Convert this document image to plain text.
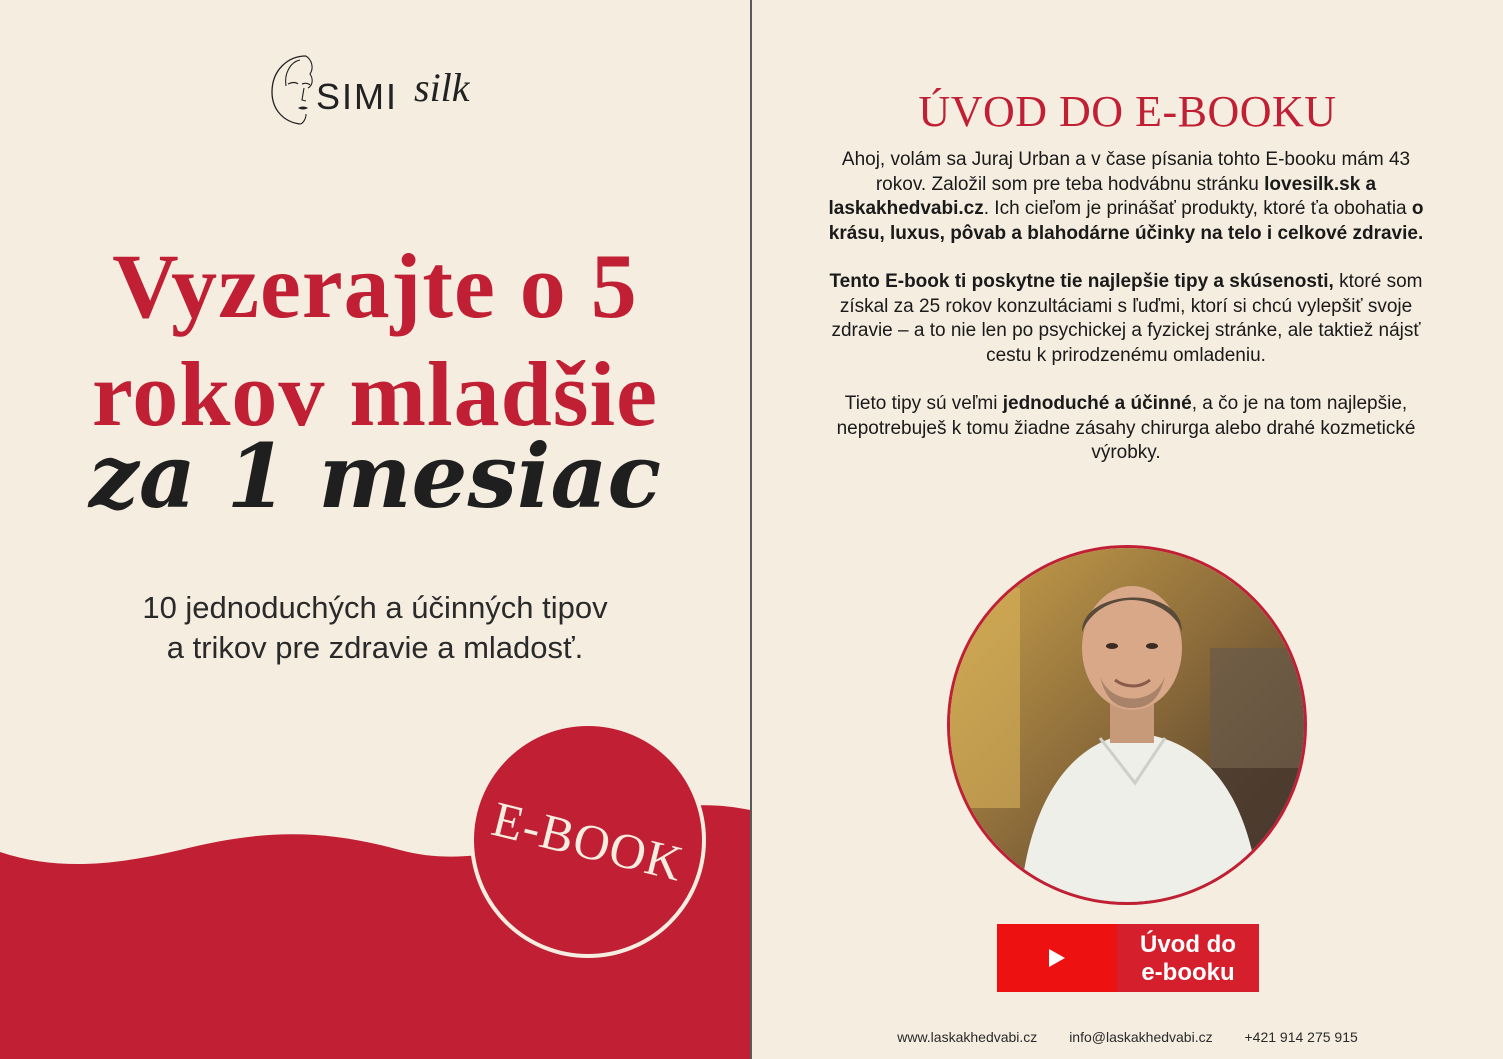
SIMI silk
Vyzerajte o 5
rokov mladšie
za 1 mesiac
10 jednoduchých a účinných tipov
a trikov pre zdravie a mladosť.
E-BOOK
ÚVOD DO E-BOOKU

Ahoj, volám sa Juraj Urban a v čase písania tohto E-booku mám 43 rokov. Založil som pre teba hodvábnu stránku lovesilk.sk a laskakhedvabi.cz. Ich cieľom je prinášať produkty, ktoré ťa obohatia o krásu, luxus, pôvab a blahodárne účinky na telo i celkové zdravie.

Tento E-book ti poskytne tie najlepšie tipy a skúsenosti, ktoré som získal za 25 rokov konzultáciami s ľuďmi, ktorí si chcú vylepšiť svoje zdravie – a to nie len po psychickej a fyzickej stránke, ale taktiež nájsť cestu k prirodzenému omladeniu.

Tieto tipy sú veľmi jednoduché a účinné, a čo je na tom najlepšie, nepotrebuješ k tomu žiadne zásahy chirurga alebo drahé kozmetické výrobky.

Úvod do
e-booku
www.laskakhedvabi.cz info@laskakhedvabi.cz +421 914 275 915
